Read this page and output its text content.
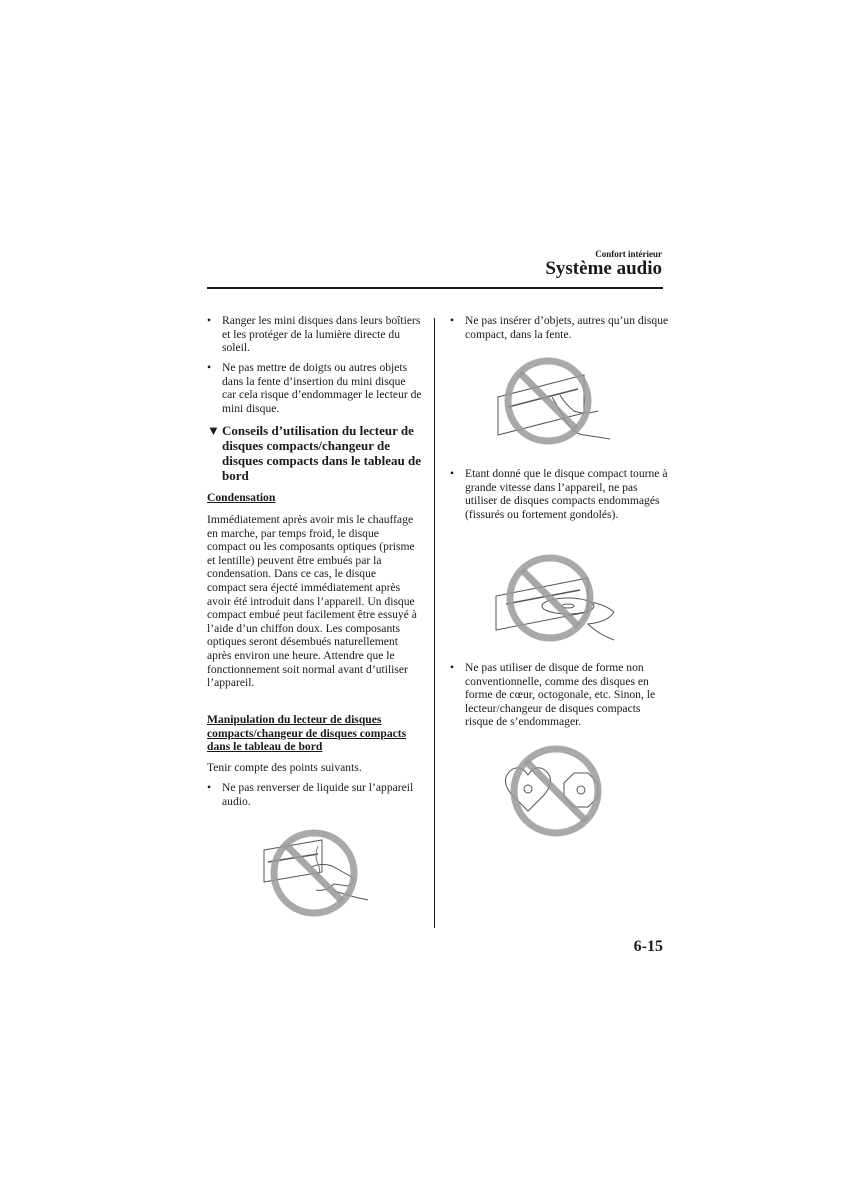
Confort intérieur
Système audio
• Ranger les mini disques dans leurs boîtiers et les protéger de la lumière directe du soleil.
• Ne pas mettre de doigts ou autres objets dans la fente d’insertion du mini disque car cela risque d’endommager le lecteur de mini disque.
▼ Conseils d’utilisation du lecteur de disques compacts/changeur de disques compacts dans le tableau de bord
Condensation
Immédiatement après avoir mis le chauffage en marche, par temps froid, le disque compact ou les composants optiques (prisme et lentille) peuvent être embués par la condensation. Dans ce cas, le disque compact sera éjecté immédiatement après avoir été introduit dans l’appareil. Un disque compact embué peut facilement être essuyé à l’aide d’un chiffon doux. Les composants optiques seront désembués naturellement après environ une heure. Attendre que le fonctionnement soit normal avant d’utiliser l’appareil.
Manipulation du lecteur de disques compacts/changeur de disques compacts dans le tableau de bord
Tenir compte des points suivants.
• Ne pas renverser de liquide sur l’appareil audio.
• Ne pas insérer d’objets, autres qu’un disque compact, dans la fente.
• Etant donné que le disque compact tourne à grande vitesse dans l’appareil, ne pas utiliser de disques compacts endommagés (fissurés ou fortement gondolés).
• Ne pas utiliser de disque de forme non conventionnelle, comme des disques en forme de cœur, octogonale, etc. Sinon, le lecteur/changeur de disques compacts risque de s’endommager.
6-15
